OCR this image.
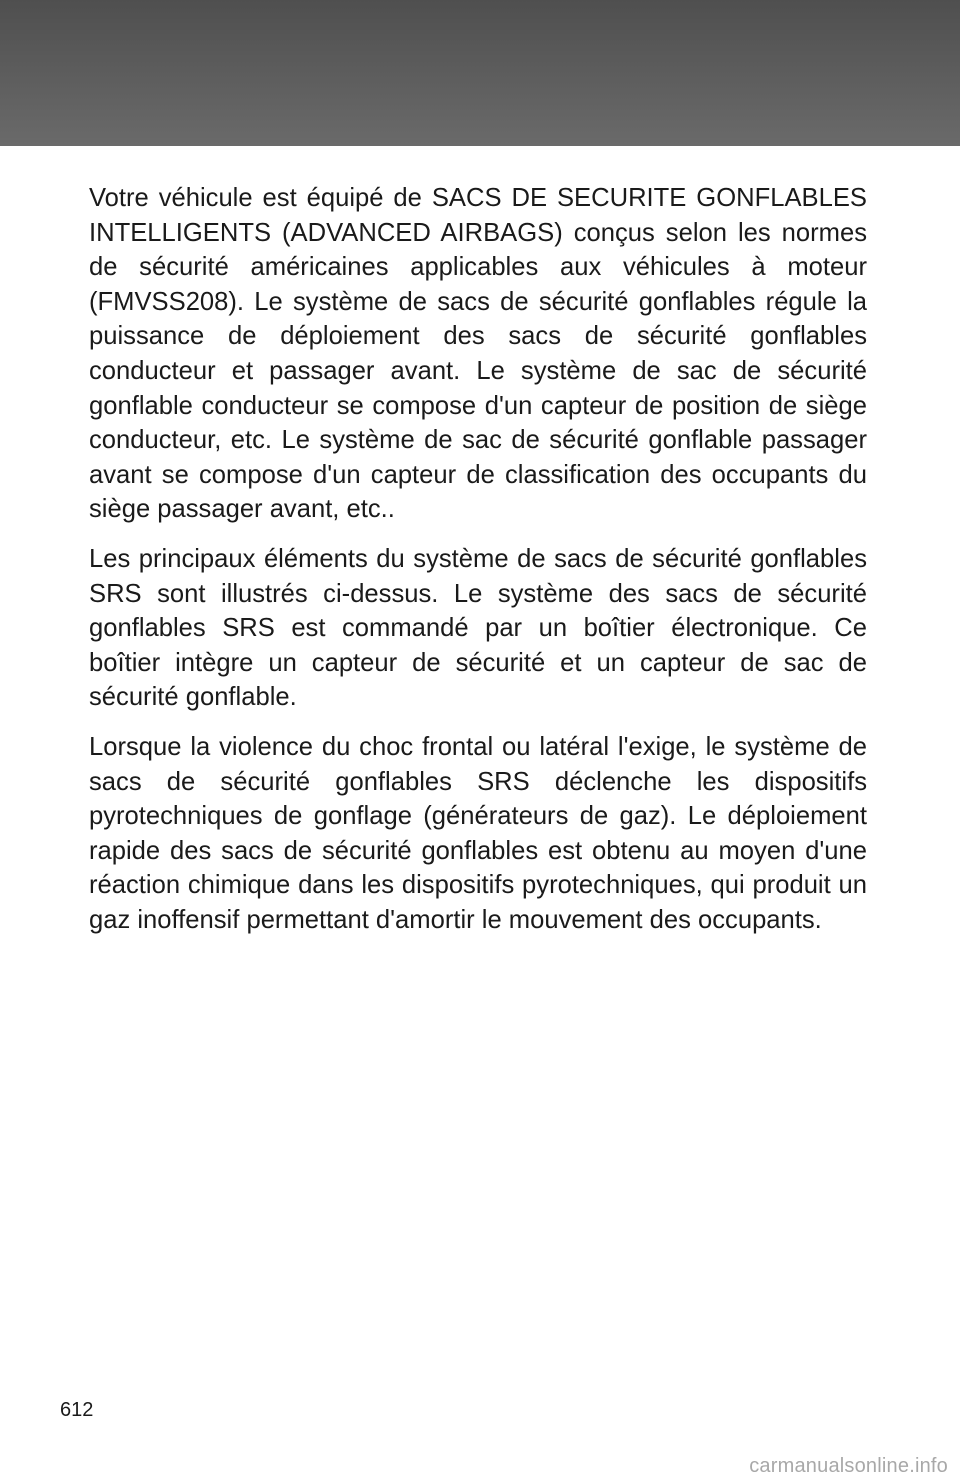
Votre véhicule est équipé de SACS DE SECURITE GONFLABLES INTELLIGENTS (ADVANCED AIRBAGS) conçus selon les normes de sécurité américaines applicables aux véhicules à moteur (FMVSS208). Le système de sacs de sécurité gonflables régule la puissance de déploiement des sacs de sécurité gonflables conducteur et passager avant. Le système de sac de sécurité gonflable conducteur se compose d'un capteur de position de siège conducteur, etc. Le système de sac de sécurité gonflable passager avant se compose d'un capteur de classification des occupants du siège passager avant, etc..

Les principaux éléments du système de sacs de sécurité gonflables SRS sont illustrés ci-dessus. Le système des sacs de sécurité gonflables SRS est commandé par un boîtier électronique. Ce boîtier intègre un capteur de sécurité et un capteur de sac de sécurité gonflable.

Lorsque la violence du choc frontal ou latéral l'exige, le système de sacs de sécurité gonflables SRS déclenche les dispositifs pyrotechniques de gonflage (générateurs de gaz). Le déploiement rapide des sacs de sécurité gonflables est obtenu au moyen d'une réaction chimique dans les dispositifs pyrotechniques, qui produit un gaz inoffensif permettant d'amortir le mouvement des occupants.

612
carmanualsonline.info
